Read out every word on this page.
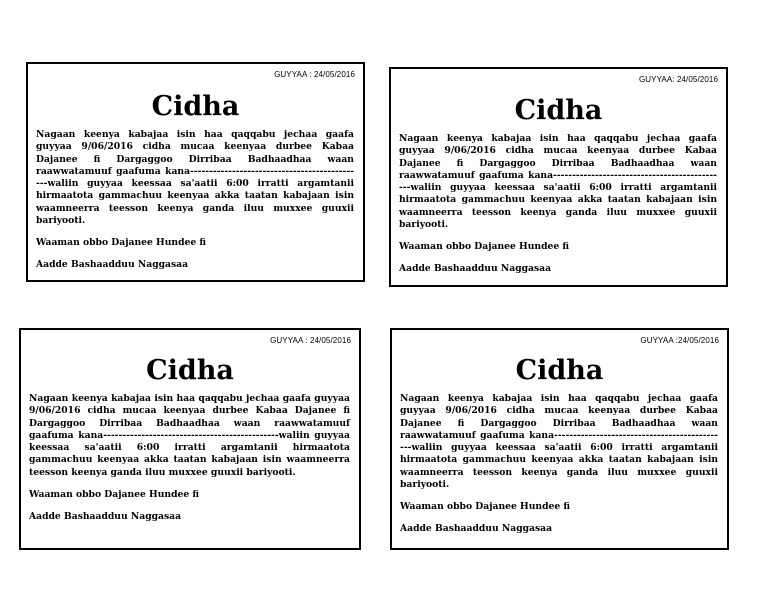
GUYYAA : 24/05/2016
Cidha
Nagaan keenya kabajaa isin haa qaqqabu jechaa gaafa guyyaa 9/06/2016 cidha mucaa keenyaa durbee Kabaa Dajanee fi Dargaggoo Dirribaa Badhaadhaa waan raawwatamuuf gaafuma kana----------------------------------------------waliin guyyaa keessaa sa'aatii 6:00 irratti argamtanii hirmaatota gammachuu keenyaa akka taatan kabajaan isin waamneerra teesson keenya ganda iluu muxxee guuxii bariyooti.
Waaman obbo Dajanee Hundee fi
Aadde Bashaadduu Naggasaa
GUYYAA: 24/05/2016
Cidha
Nagaan keenya kabajaa isin haa qaqqabu jechaa gaafa guyyaa 9/06/2016 cidha mucaa keenyaa durbee Kabaa Dajanee fi Dargaggoo Dirribaa Badhaadhaa waan raawwatamuuf gaafuma kana----------------------------------------------waliin guyyaa keessaa sa'aatii 6:00 irratti argamtanii hirmaatota gammachuu keenyaa akka taatan kabajaan isin waamneerra teesson keenya ganda iluu muxxee guuxii bariyooti.
Waaman obbo Dajanee Hundee fi
Aadde Bashaadduu Naggasaa
GUYYAA : 24/05/2016
Cidha
Nagaan keenya kabajaa isin haa qaqqabu jechaa gaafa guyyaa 9/06/2016 cidha mucaa keenyaa durbee Kabaa Dajanee fi Dargaggoo Dirribaa Badhaadhaa waan raawwatamuuf gaafuma kana----------------------------------------------waliin guyyaa keessaa sa'aatii 6:00 irratti argamtanii hirmaatota gammachuu keenyaa akka taatan kabajaan isin waamneerra teesson keenya ganda iluu muxxee guuxii bariyooti.
Waaman obbo Dajanee Hundee fi
Aadde Bashaadduu Naggasaa
GUYYAA :24/05/2016
Cidha
Nagaan keenya kabajaa isin haa qaqqabu jechaa gaafa guyyaa 9/06/2016 cidha mucaa keenyaa durbee Kabaa Dajanee fi Dargaggoo Dirribaa Badhaadhaa waan raawwatamuuf gaafuma kana----------------------------------------------waliin guyyaa keessaa sa'aatii 6:00 irratti argamtanii hirmaatota gammachuu keenyaa akka taatan kabajaan isin waamneerra teesson keenya ganda iluu muxxee guuxii bariyooti.
Waaman obbo Dajanee Hundee fi
Aadde Bashaadduu Naggasaa
